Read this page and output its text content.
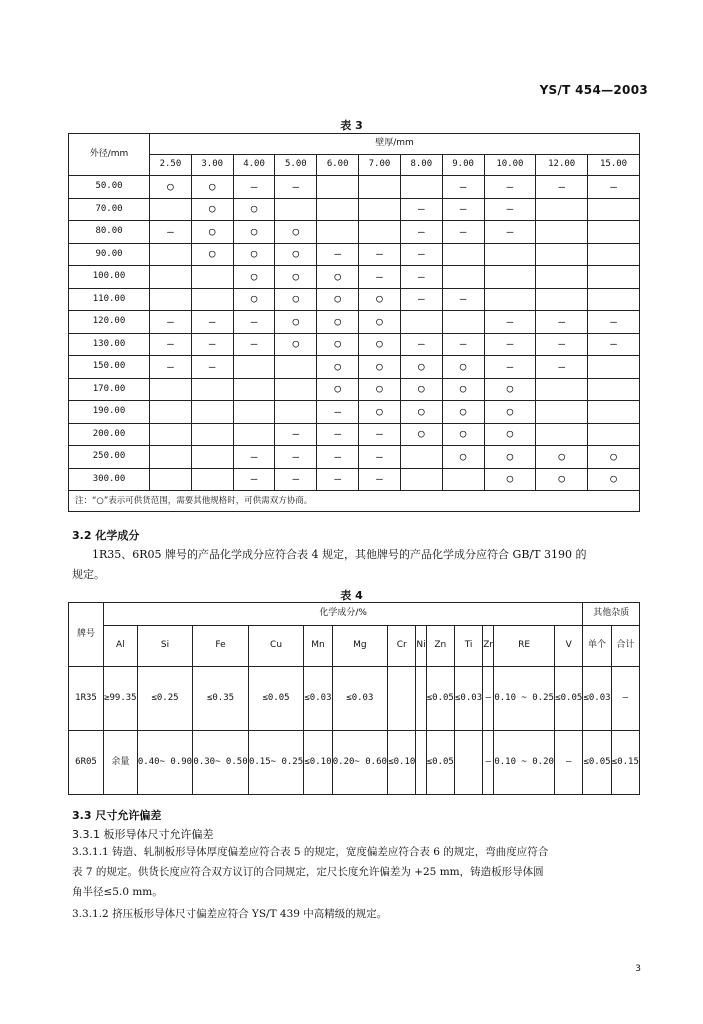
YS/T 454—2003
表 3
外径/mm	壁厚/mm										
	2.50	3.00	4.00	5.00	6.00	7.00	8.00	9.00	10.00	12.00	15.00
50.00	○	○	—	—				—	—	—	—
70.00		○	○				—	—	—		
80.00	—	○	○	○			—	—	—		
90.00		○	○	○	—	—	—				
100.00			○	○	○	—	—				
110.00			○	○	○	○	—	—			
120.00	—	—	—	○	○	○			—	—	—
130.00	—	—	—	○	○	○	—	—	—	—	—
150.00	—	—			○	○	○	○	—	—	
170.00					○	○	○	○	○		
190.00					—	○	○	○	○		
200.00				—	—	—	○	○	○		
250.00			—	—	—	—		○	○	○	○
300.00			—	—	—	—			○	○	○
注：“○”表示可供货范围，需要其他规格时，可供需双方协商。											
3.2 化学成分
1R35、6R05 牌号的产品化学成分应符合表 4 规定，其他牌号的产品化学成分应符合 GB/T 3190 的
规定。
表 4
牌号	化学成分/%													其他杂质	
	Al	Si	Fe	Cu	Mn	Mg	Cr	Ni	Zn	Ti	Zr	RE	V	单个	合计
1R35	≥99.35	≤0.25	≤0.35	≤0.05	≤0.03	≤0.03			≤0.05	≤0.03	—	0.10 ~ 0.25	≤0.05	≤0.03	—
6R05	余量	0.40~ 0.90	0.30~ 0.50	0.15~ 0.25	≤0.10	0.20~ 0.60	≤0.10		≤0.05		—	0.10 ~ 0.20	—	≤0.05	≤0.15
3.3 尺寸允许偏差
3.3.1 板形导体尺寸允许偏差
3.3.1.1 铸造、轧制板形导体厚度偏差应符合表 5 的规定，宽度偏差应符合表 6 的规定，弯曲度应符合
表 7 的规定。供货长度应符合双方议订的合同规定，定尺长度允许偏差为 +25 mm，铸造板形导体圆
角半径≤5.0 mm。
3.3.1.2 挤压板形导体尺寸偏差应符合 YS/T 439 中高精级的规定。
3
